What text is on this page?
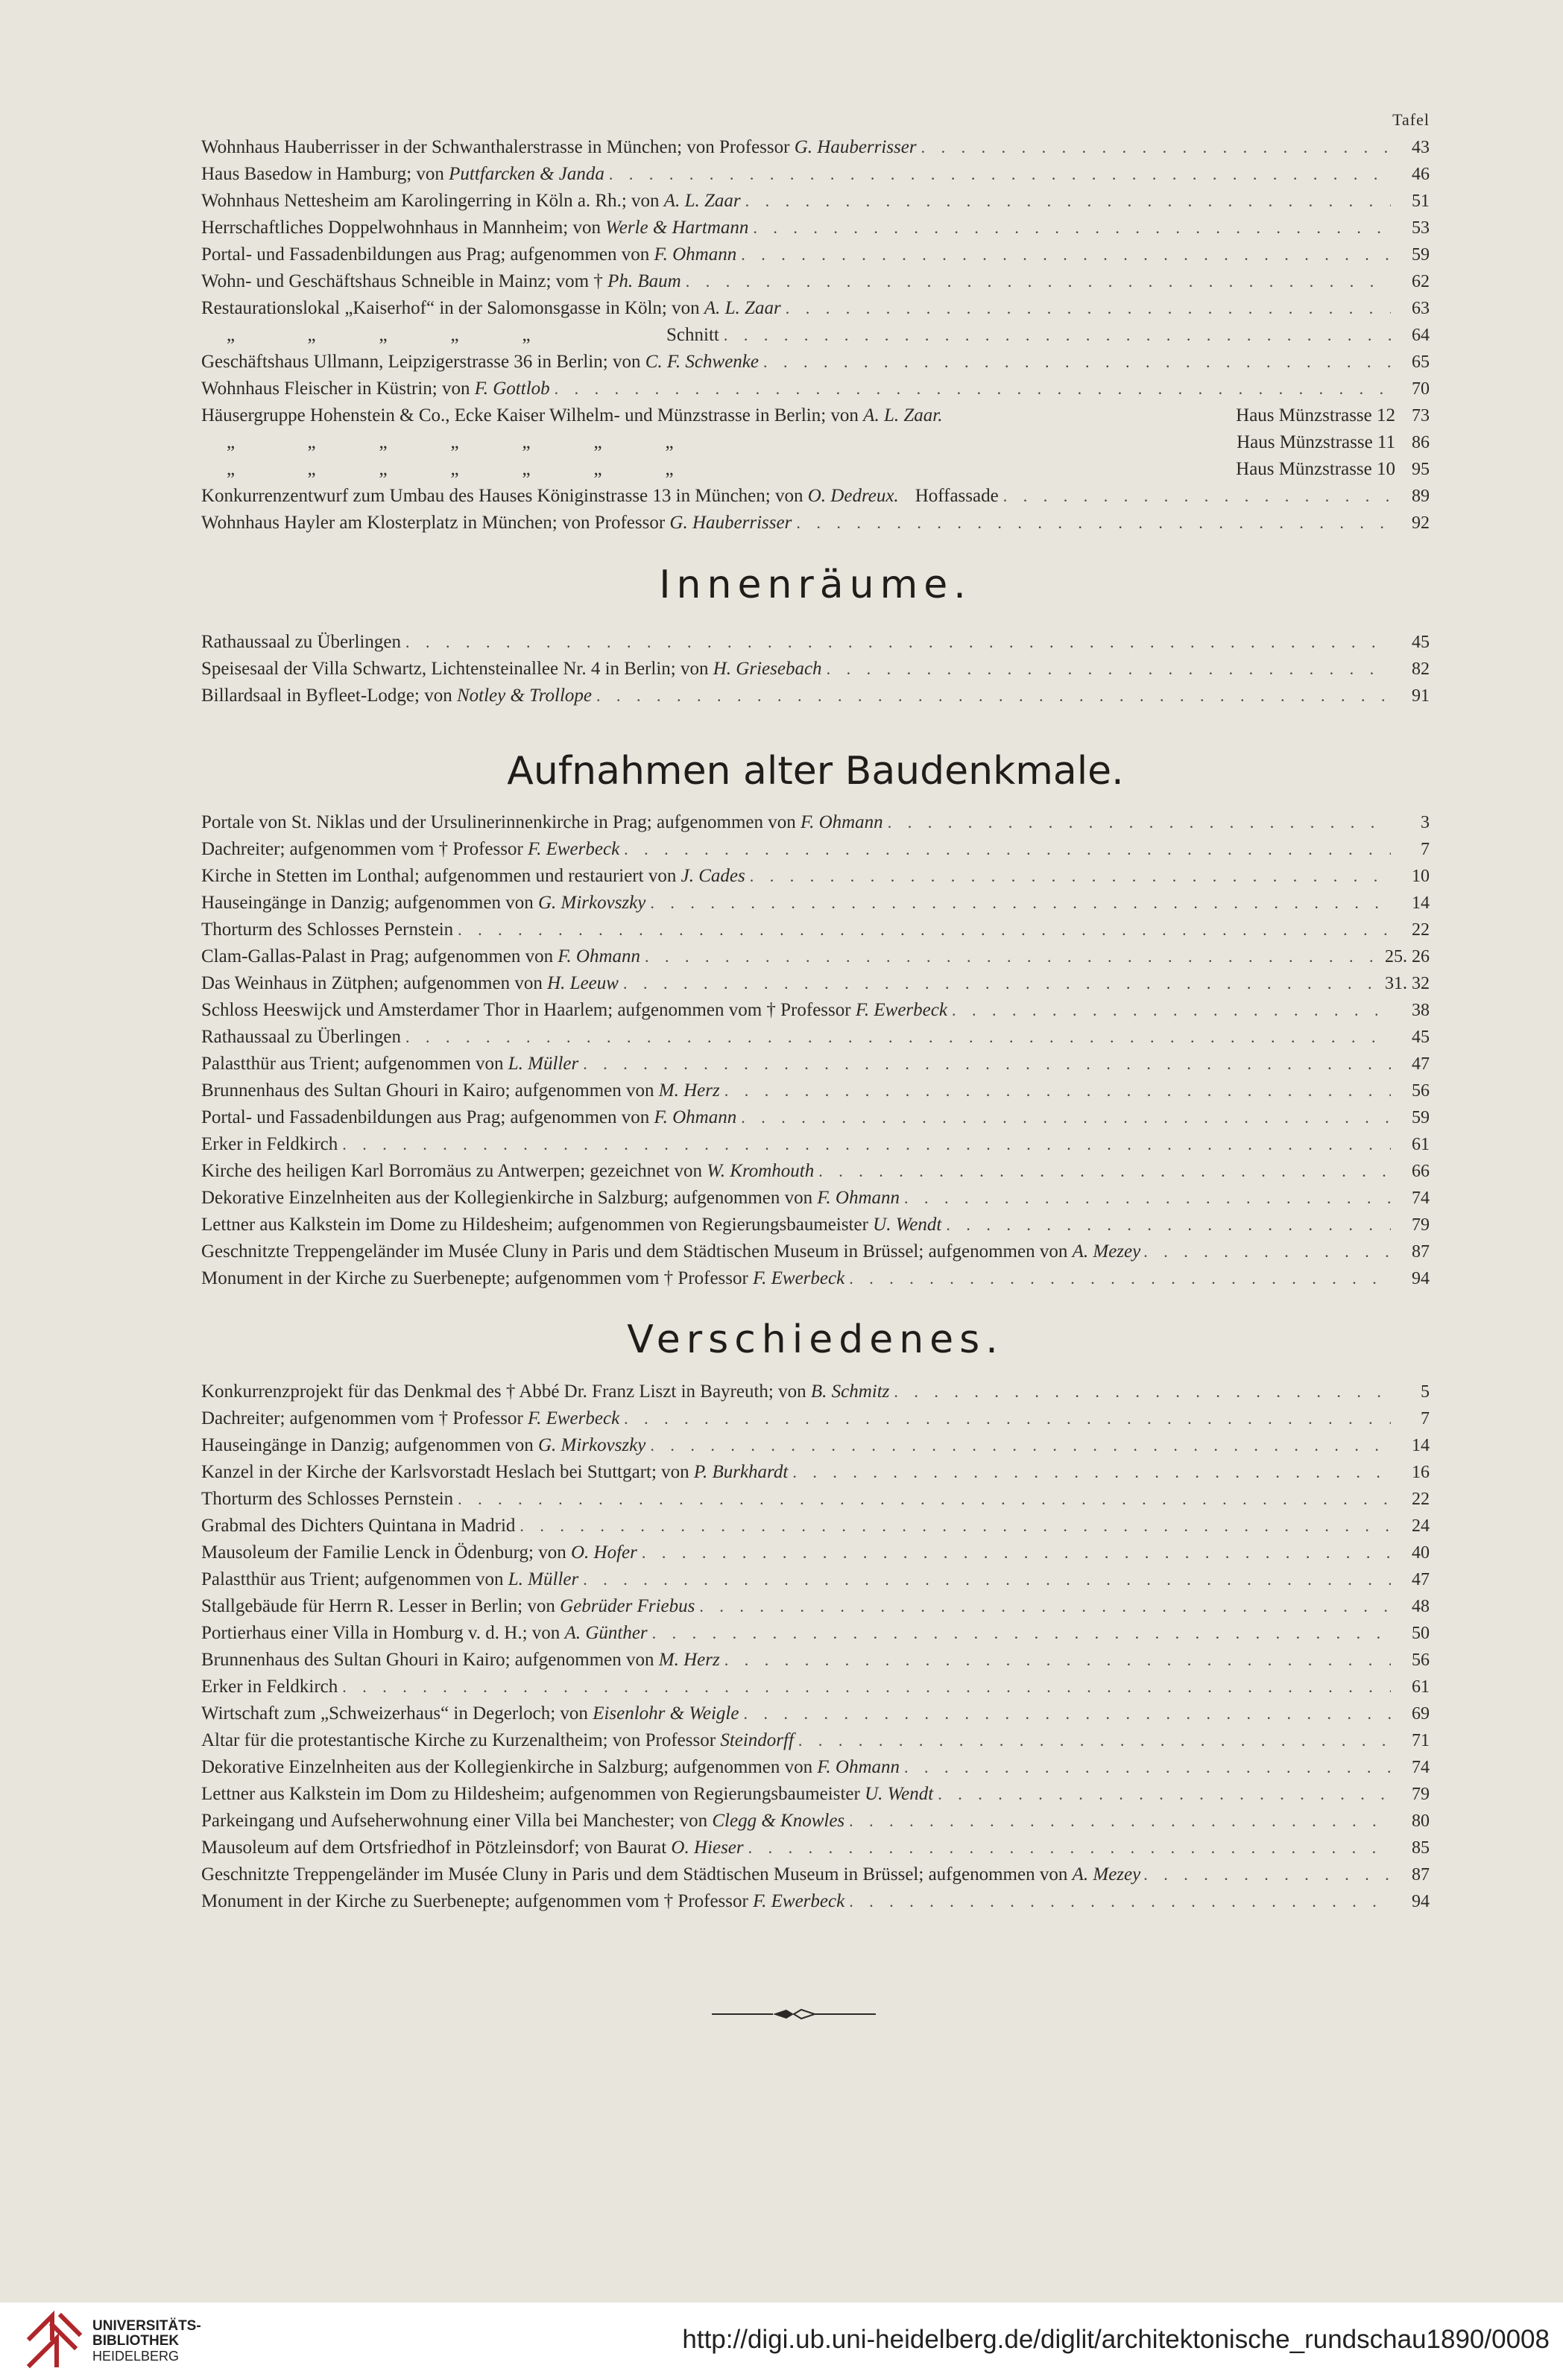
Tafel
Wohnhaus Hauberrisser in der Schwanthalerstrasse in München; von Professor G. Hauberrisser . . .	43
Haus Basedow in Hamburg; von Puttfarcken & Janda . . .	46
Wohnhaus Nettesheim am Karolingerring in Köln a. Rh.; von A. L. Zaar . . .	51
Herrschaftliches Doppelwohnhaus in Mannheim; von Werle & Hartmann . . .	53
Portal- und Fassadenbildungen aus Prag; aufgenommen von F. Ohmann . . .	59
Wohn- und Geschäftshaus Schneible in Mainz; vom † Ph. Baum . . .	62
Restaurationslokal „Kaiserhof“ in der Salomonsgasse in Köln; von A. L. Zaar . . .	63
„	„	„	„	„	Schnitt . . .	64
Geschäftshaus Ullmann, Leipzigerstrasse 36 in Berlin; von C. F. Schwenke . . .	65
Wohnhaus Fleischer in Küstrin; von F. Gottlob . . .	70
Häusergruppe Hohenstein & Co., Ecke Kaiser Wilhelm- und Münzstrasse in Berlin; von A. L. Zaar.	Haus Münzstrasse 12 73
„	„	„	„	„	„	„	Haus Münzstrasse 11 86
„	„	„	„	„	„	„	Haus Münzstrasse 10 95
Konkurrenzentwurf zum Umbau des Hauses Königinstrasse 13 in München; von O. Dedreux. Hoffassade . . .	89
Wohnhaus Hayler am Klosterplatz in München; von Professor G. Hauberrisser . . .	92
Innenräume.
Rathaussaal zu Überlingen . . .	45
Speisesaal der Villa Schwartz, Lichtensteinallee Nr. 4 in Berlin; von H. Griesebach . . .	82
Billardsaal in Byfleet-Lodge; von Notley & Trollope . . .	91
Aufnahmen alter Baudenkmale.
Portale von St. Niklas und der Ursulinerinnenkirche in Prag; aufgenommen von F. Ohmann . . .	3
Dachreiter; aufgenommen vom † Professor F. Ewerbeck . . .	7
Kirche in Stetten im Lonthal; aufgenommen und restauriert von J. Cades . . .	10
Hauseingänge in Danzig; aufgenommen von G. Mirkovszky . . .	14
Thorturm des Schlosses Pernstein . . .	22
Clam-Gallas-Palast in Prag; aufgenommen von F. Ohmann . . .	25. 26
Das Weinhaus in Zütphen; aufgenommen von H. Leeuw . . .	31. 32
Schloss Heeswijck und Amsterdamer Thor in Haarlem; aufgenommen vom † Professor F. Ewerbeck . . .	38
Rathaussaal zu Überlingen . . .	45
Palastthür aus Trient; aufgenommen von L. Müller . . .	47
Brunnenhaus des Sultan Ghouri in Kairo; aufgenommen von M. Herz . . .	56
Portal- und Fassadenbildungen aus Prag; aufgenommen von F. Ohmann . . .	59
Erker in Feldkirch . . .	61
Kirche des heiligen Karl Borromäus zu Antwerpen; gezeichnet von W. Kromhouth . . .	66
Dekorative Einzelnheiten aus der Kollegienkirche in Salzburg; aufgenommen von F. Ohmann . . .	74
Lettner aus Kalkstein im Dome zu Hildesheim; aufgenommen von Regierungsbaumeister U. Wendt . . .	79
Geschnitzte Treppengeländer im Musée Cluny in Paris und dem Städtischen Museum in Brüssel; aufgenommen von A. Mezey . . .	87
Monument in der Kirche zu Suerbenepte; aufgenommen vom † Professor F. Ewerbeck . . .	94
Verschiedenes.
Konkurrenzprojekt für das Denkmal des † Abbé Dr. Franz Liszt in Bayreuth; von B. Schmitz . . .	5
Dachreiter; aufgenommen vom † Professor F. Ewerbeck . . .	7
Hauseingänge in Danzig; aufgenommen von G. Mirkovszky . . .	14
Kanzel in der Kirche der Karlsvorstadt Heslach bei Stuttgart; von P. Burkhardt . . .	16
Thorturm des Schlosses Pernstein . . .	22
Grabmal des Dichters Quintana in Madrid . . .	24
Mausoleum der Familie Lenck in Ödenburg; von O. Hofer . . .	40
Palastthür aus Trient; aufgenommen von L. Müller . . .	47
Stallgebäude für Herrn R. Lesser in Berlin; von Gebrüder Friebus . . .	48
Portierhaus einer Villa in Homburg v. d. H.; von A. Günther . . .	50
Brunnenhaus des Sultan Ghouri in Kairo; aufgenommen von M. Herz . . .	56
Erker in Feldkirch . . .	61
Wirtschaft zum „Schweizerhaus“ in Degerloch; von Eisenlohr & Weigle . . .	69
Altar für die protestantische Kirche zu Kurzenaltheim; von Professor Steindorff . . .	71
Dekorative Einzelnheiten aus der Kollegienkirche in Salzburg; aufgenommen von F. Ohmann . . .	74
Lettner aus Kalkstein im Dom zu Hildesheim; aufgenommen von Regierungsbaumeister U. Wendt . . .	79
Parkeingang und Aufseherwohnung einer Villa bei Manchester; von Clegg & Knowles . . .	80
Mausoleum auf dem Ortsfriedhof in Pötzleinsdorf; von Baurat O. Hieser . . .	85
Geschnitzte Treppengeländer im Musée Cluny in Paris und dem Städtischen Museum in Brüssel; aufgenommen von A. Mezey . . .	87
Monument in der Kirche zu Suerbenepte; aufgenommen vom † Professor F. Ewerbeck . . .	94
UNIVERSITÄTS-
BIBLIOTHEK
HEIDELBERG
http://digi.ub.uni-heidelberg.de/diglit/architektonische_rundschau1890/0008
